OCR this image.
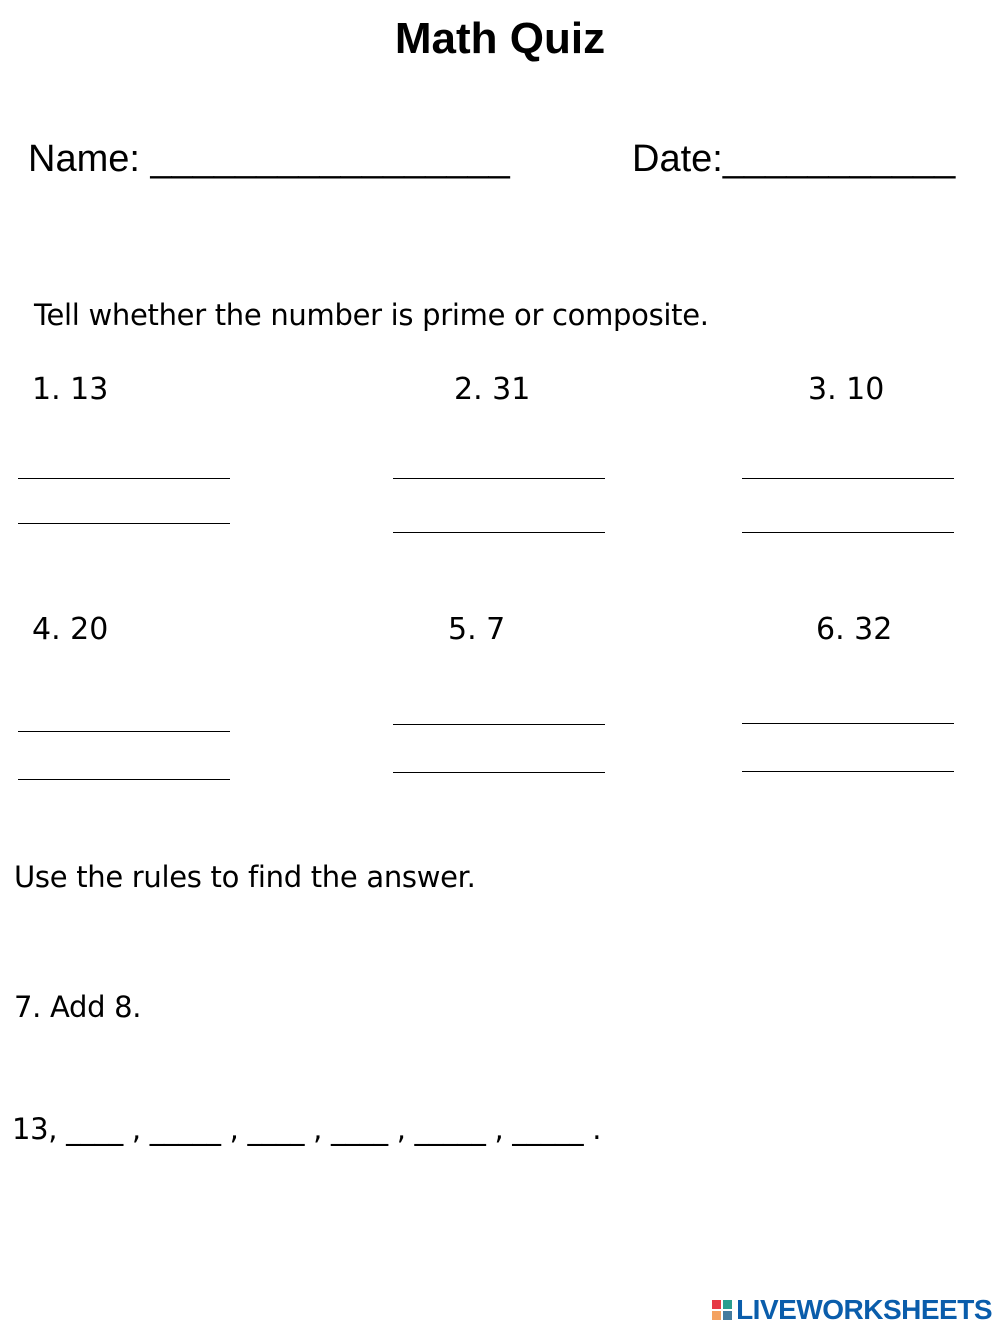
Math Quiz
Name: _________________	Date:___________
Tell whether the number is prime or composite.
1. 13	2. 31	3. 10
4. 20	5. 7	6. 32
Use the rules to find the answer.
7. Add 8.
13, ____ , _____ , ____ , ____ , _____ , _____ .
LIVEWORKSHEETS
